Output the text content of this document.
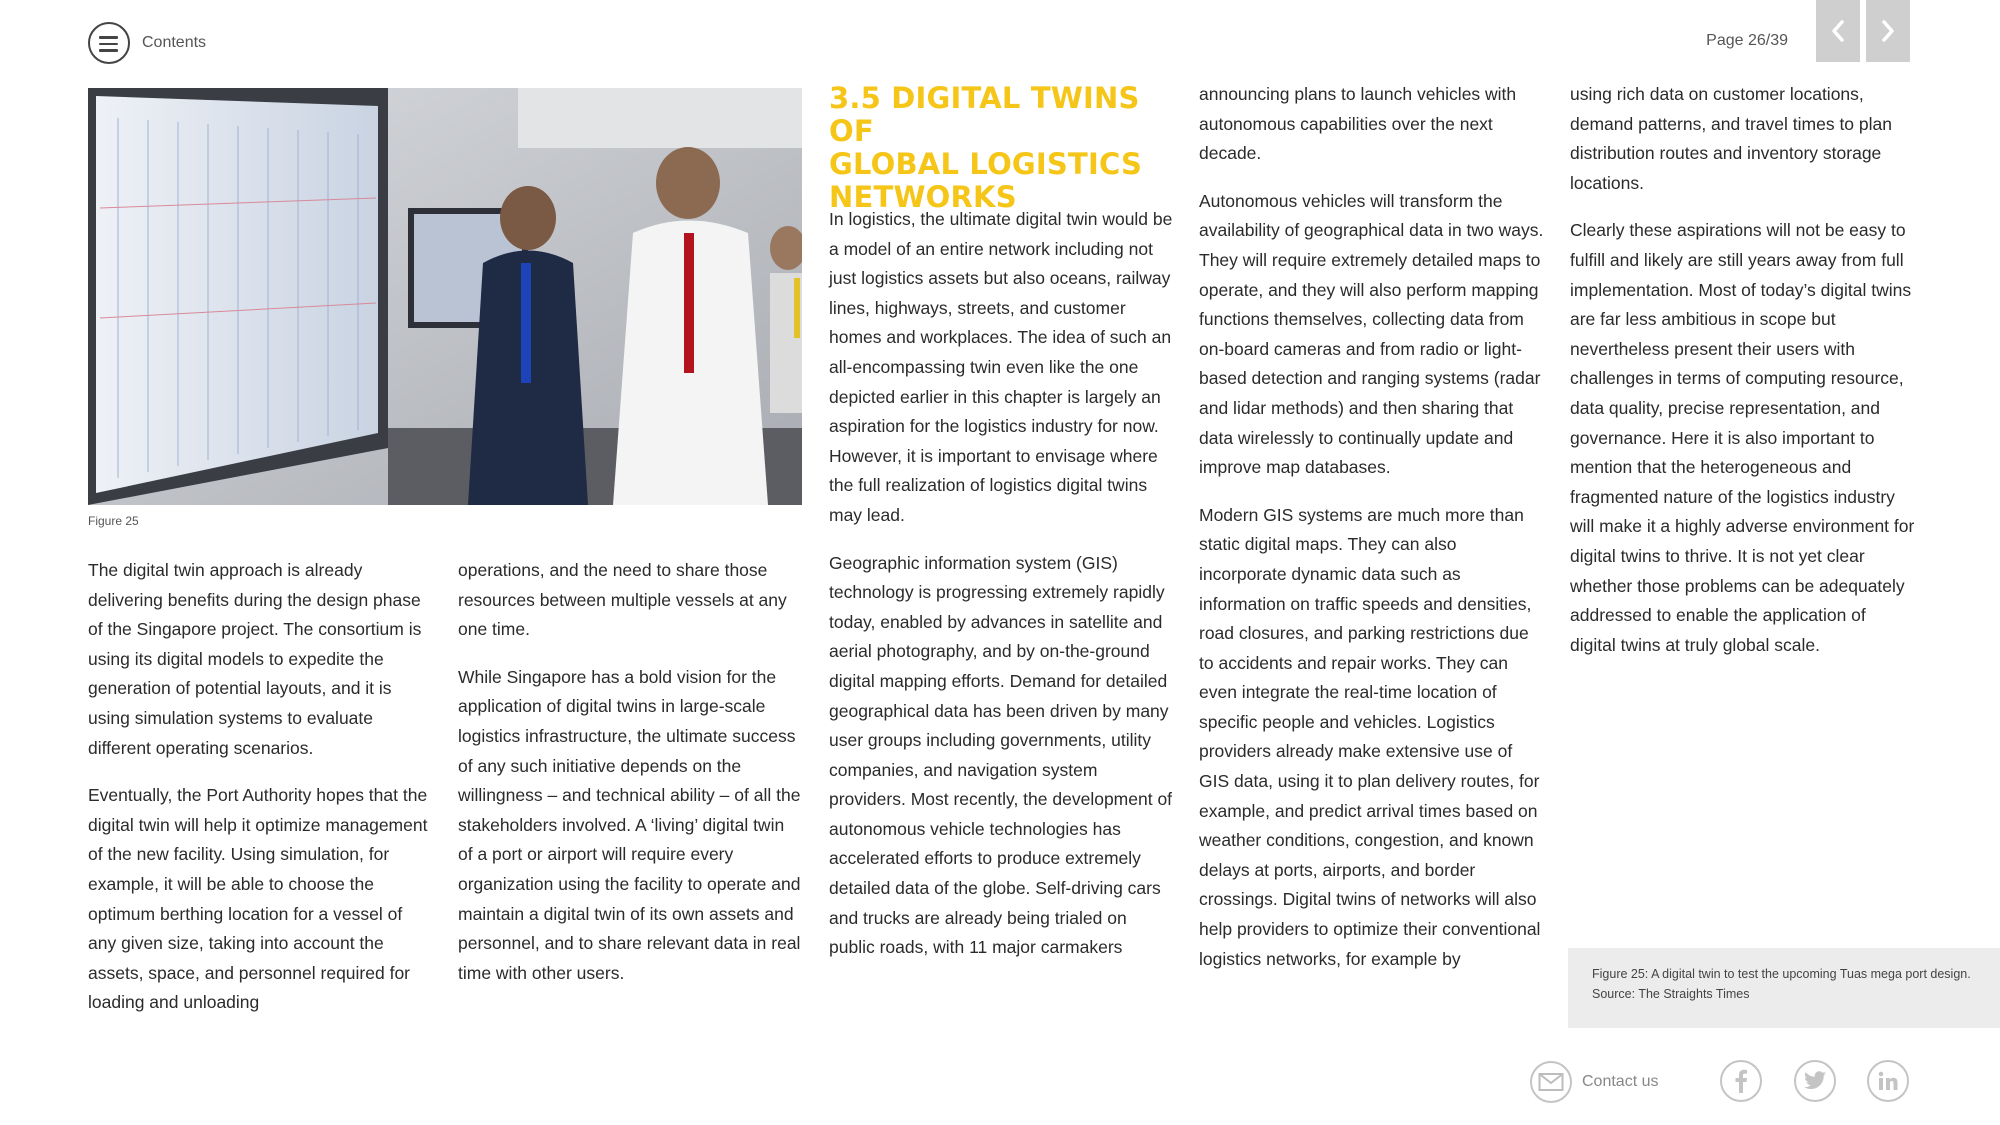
Contents	Page 26/39
Figure 25

The digital twin approach is already delivering benefits during the design phase of the Singapore project. The consortium is using its digital models to expedite the generation of potential layouts, and it is using simulation systems to evaluate different operating scenarios.

Eventually, the Port Authority hopes that the digital twin will help it optimize management of the new facility. Using simulation, for example, it will be able to choose the optimum berthing location for a vessel of any given size, taking into account the assets, space, and personnel required for loading and unloading

operations, and the need to share those resources between multiple vessels at any one time.

While Singapore has a bold vision for the application of digital twins in large-scale logistics infrastructure, the ultimate success of any such initiative depends on the willingness – and technical ability – of all the stakeholders involved. A ‘living’ digital twin of a port or airport will require every organization using the facility to operate and maintain a digital twin of its own assets and personnel, and to share relevant data in real time with other users.

3.5 DIGITAL TWINS OF
GLOBAL LOGISTICS
NETWORKS

In logistics, the ultimate digital twin would be a model of an entire network including not just logistics assets but also oceans, railway lines, highways, streets, and customer homes and workplaces. The idea of such an all-encompassing twin even like the one depicted earlier in this chapter is largely an aspiration for the logistics industry for now. However, it is important to envisage where the full realization of logistics digital twins may lead.

Geographic information system (GIS) technology is progressing extremely rapidly today, enabled by advances in satellite and aerial photography, and by on-the-ground digital mapping efforts. Demand for detailed geographical data has been driven by many user groups including governments, utility companies, and navigation system providers. Most recently, the development of autonomous vehicle technologies has accelerated efforts to produce extremely detailed data of the globe. Self-driving cars and trucks are already being trialed on public roads, with 11 major carmakers

announcing plans to launch vehicles with autonomous capabilities over the next decade.

Autonomous vehicles will transform the availability of geographical data in two ways. They will require extremely detailed maps to operate, and they will also perform mapping functions themselves, collecting data from on-board cameras and from radio or light-based detection and ranging systems (radar and lidar methods) and then sharing that data wirelessly to continually update and improve map databases.

Modern GIS systems are much more than static digital maps. They can also incorporate dynamic data such as information on traffic speeds and densities, road closures, and parking restrictions due to accidents and repair works. They can even integrate the real-time location of specific people and vehicles. Logistics providers already make extensive use of GIS data, using it to plan delivery routes, for example, and predict arrival times based on weather conditions, congestion, and known delays at ports, airports, and border crossings. Digital twins of networks will also help providers to optimize their conventional logistics networks, for example by

using rich data on customer locations, demand patterns, and travel times to plan distribution routes and inventory storage locations.

Clearly these aspirations will not be easy to fulfill and likely are still years away from full implementation. Most of today’s digital twins are far less ambitious in scope but nevertheless present their users with challenges in terms of computing resource, data quality, precise representation, and governance. Here it is also important to mention that the heterogeneous and fragmented nature of the logistics industry will make it a highly adverse environment for digital twins to thrive. It is not yet clear whether those problems can be adequately addressed to enable the application of digital twins at truly global scale.

Figure 25: A digital twin to test the upcoming Tuas mega port design. Source: The Straights Times
Contact us
